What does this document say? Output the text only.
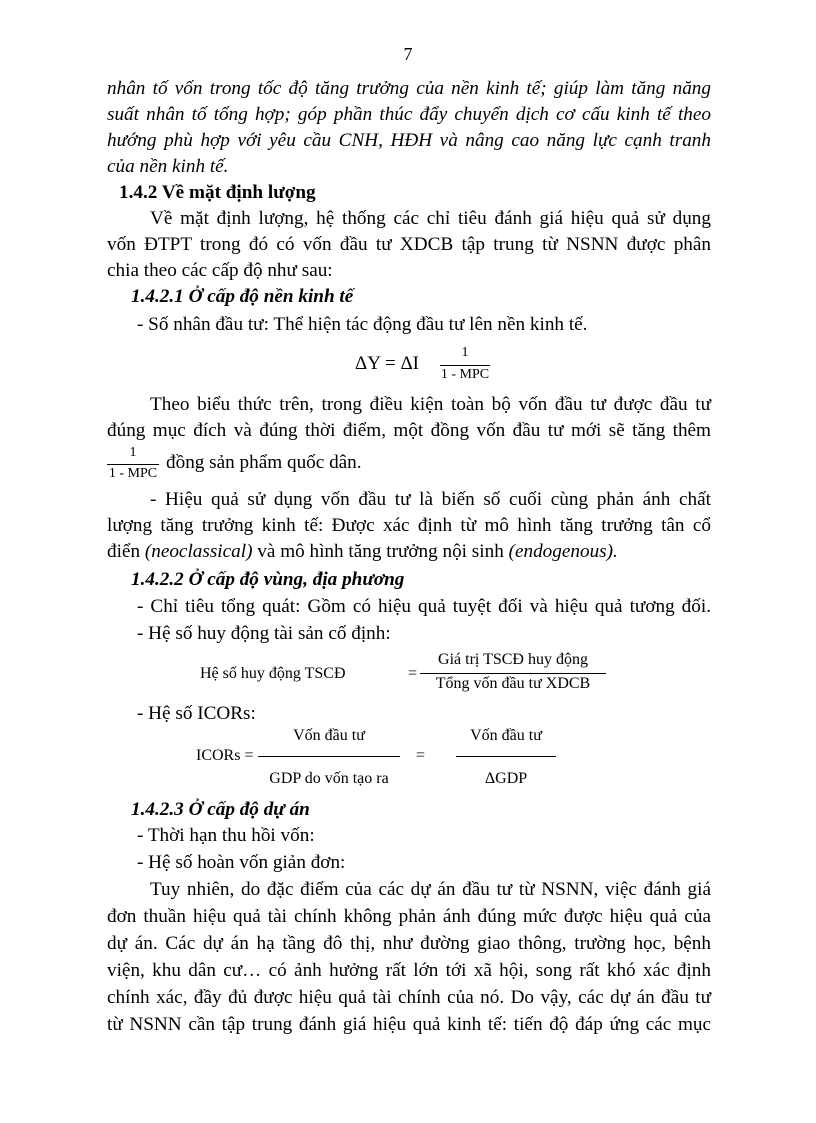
7
nhân tố vốn trong tốc độ tăng trưởng của nền kinh tế; giúp làm tăng năng
suất nhân tố tổng hợp; góp phần thúc đẩy chuyển dịch cơ cấu kinh tế theo
hướng phù hợp với yêu cầu CNH, HĐH và nâng cao năng lực cạnh tranh
của nền kinh tế.
1.4.2 Về mặt định lượng
Về mặt định lượng, hệ thống các chỉ tiêu đánh giá hiệu quả sử dụng
vốn ĐTPT trong đó có vốn đầu tư XDCB tập trung từ NSNN được phân
chia theo các cấp độ như sau:
1.4.2.1 Ở cấp độ nền kinh tế
- Số nhân đầu tư: Thể hiện tác động đầu tư lên nền kinh tế.
ΔY = ΔI
1
1 - MPC
Theo biểu thức trên, trong điều kiện toàn bộ vốn đầu tư được đầu tư
đúng mục đích và đúng thời điểm, một đồng vốn đầu tư mới sẽ tăng thêm
1
1 - MPC
đồng sản phẩm quốc dân.
- Hiệu quả sử dụng vốn đầu tư là biến số cuối cùng phản ánh chất
lượng tăng trưởng kinh tế: Được xác định từ mô hình tăng trưởng tân cổ
điển (neoclassical) và mô hình tăng trưởng nội sinh (endogenous).
1.4.2.2 Ở cấp độ vùng, địa phương
- Chỉ tiêu tổng quát: Gồm có hiệu quả tuyệt đối và hiệu quả tương đối.
- Hệ số huy động tài sản cố định:
Hệ số huy động TSCĐ	=
Giá trị TSCĐ huy động
Tổng vốn đầu tư XDCB
- Hệ số ICORs:
ICORs =
Vốn đầu tư
GDP do vốn tạo ra
=
Vốn đầu tư
ΔGDP
1.4.2.3 Ở cấp độ dự án
- Thời hạn thu hồi vốn:
- Hệ số hoàn vốn giản đơn:
Tuy nhiên, do đặc điểm của các dự án đầu tư từ NSNN, việc đánh giá
đơn thuần hiệu quả tài chính không phản ánh đúng mức được hiệu quả của
dự án. Các dự án hạ tầng đô thị, như đường giao thông, trường học, bệnh
viện, khu dân cư… có ảnh hưởng rất lớn tới xã hội, song rất khó xác định
chính xác, đầy đủ được hiệu quả tài chính của nó. Do vậy, các dự án đầu tư
từ NSNN cần tập trung đánh giá hiệu quả kinh tế: tiến độ đáp ứng các mục
